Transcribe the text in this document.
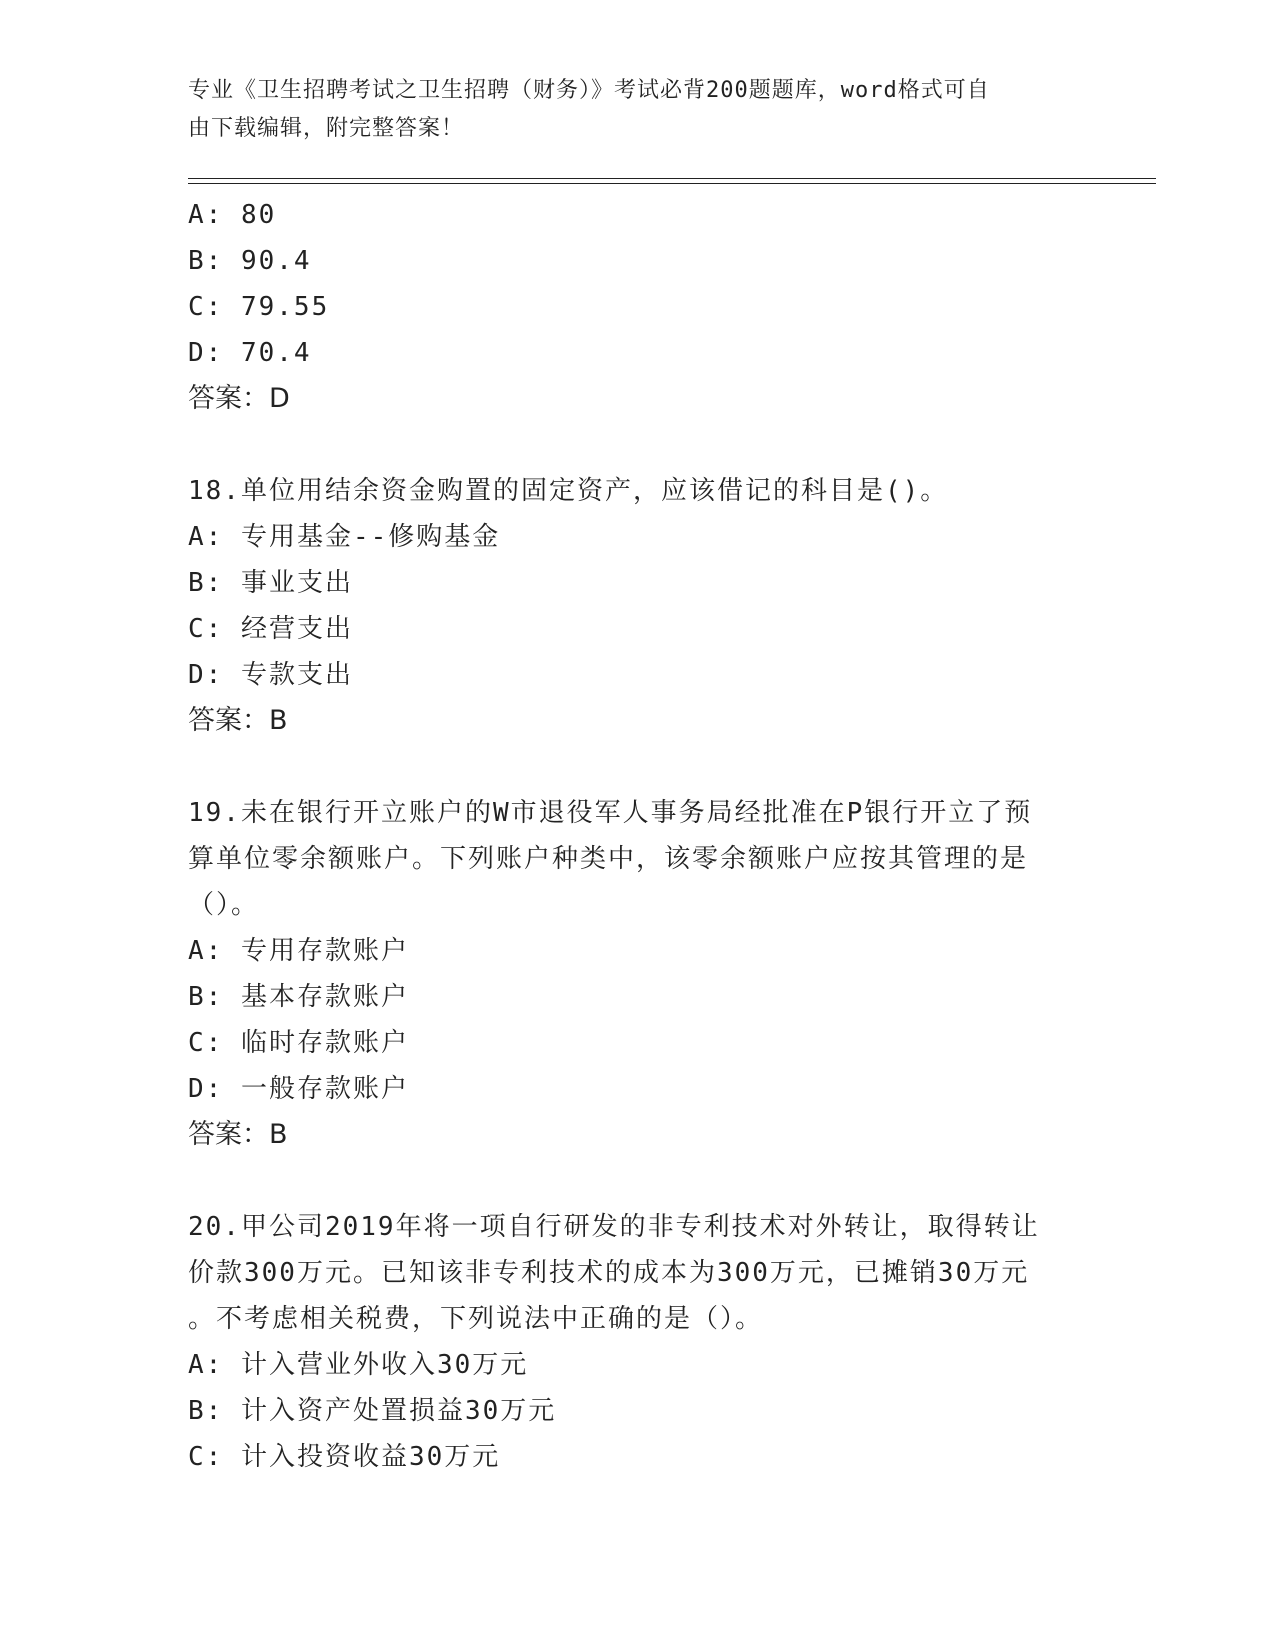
专业《卫生招聘考试之卫生招聘（财务）》考试必背200题题库，word格式可自
由下载编辑，附完整答案！
A: 80
B: 90.4
C: 79.55
D: 70.4
答案：D
18.单位用结余资金购置的固定资产，应该借记的科目是()。
A: 专用基金--修购基金
B: 事业支出
C: 经营支出
D: 专款支出
答案：B
19.未在银行开立账户的W市退役军人事务局经批准在P银行开立了预
算单位零余额账户。下列账户种类中，该零余额账户应按其管理的是
（）。
A: 专用存款账户
B: 基本存款账户
C: 临时存款账户
D: 一般存款账户
答案：B
20.甲公司2019年将一项自行研发的非专利技术对外转让，取得转让
价款300万元。已知该非专利技术的成本为300万元，已摊销30万元
。不考虑相关税费，下列说法中正确的是（）。
A: 计入营业外收入30万元
B: 计入资产处置损益30万元
C: 计入投资收益30万元
